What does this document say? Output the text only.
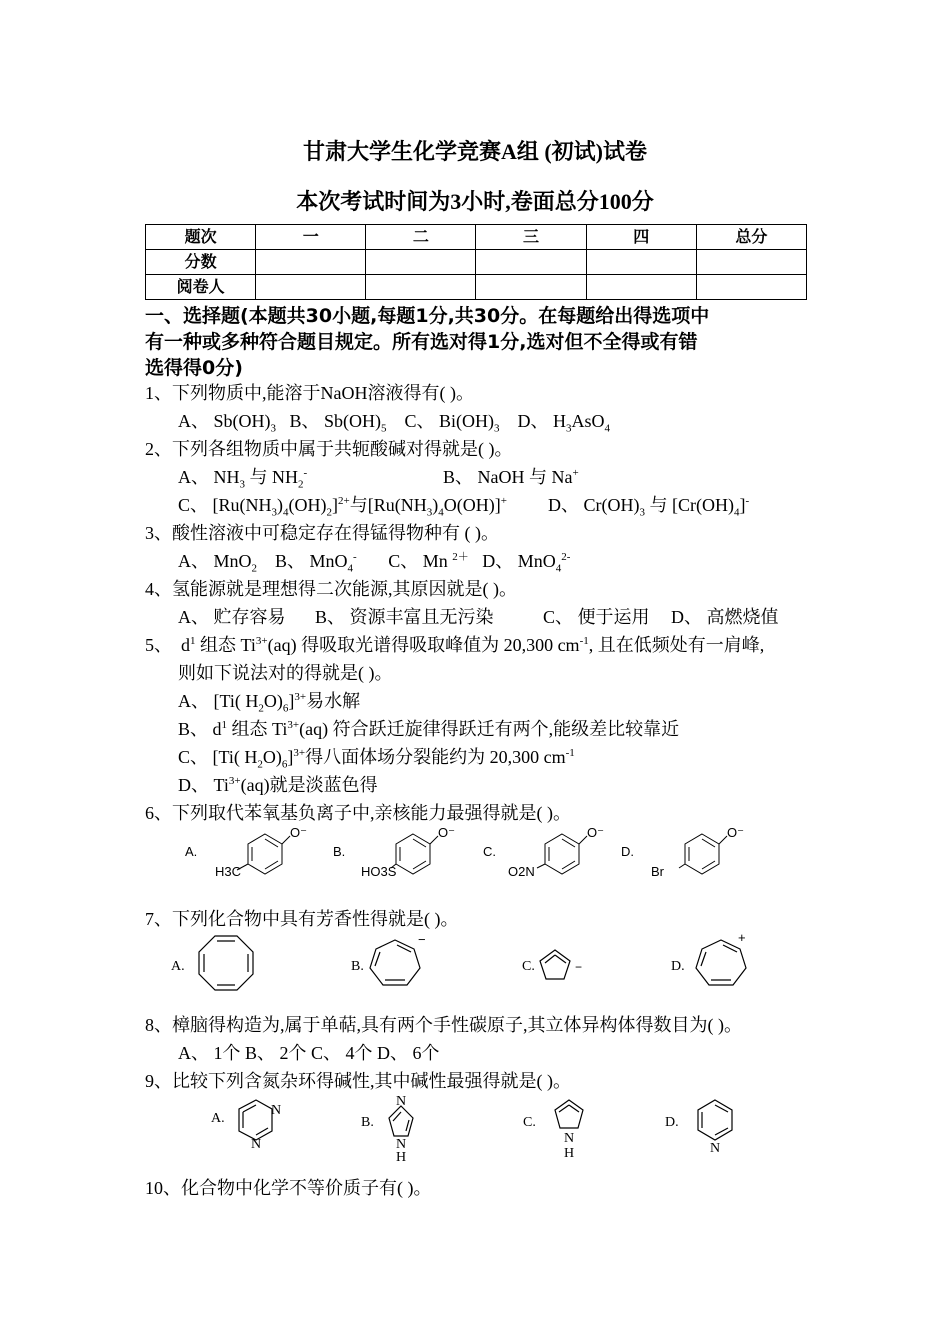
甘肃大学生化学竞赛A组 (初试)试卷
本次考试时间为3小时,卷面总分100分
题次	一	二	三	四	总分
分数					
阅卷人					
一、选择题(本题共30小题,每题1分,共30分。在每题给出得选项中
有一种或多种符合题目规定。所有选对得1分,选对但不全得或有错
选得得0分)
1、下列物质中,能溶于NaOH溶液得有( )。
A、 $Sb(OH)_3$   B、 $Sb(OH)_5$    C、 $Bi(OH)_3$    D、 $H_3AsO_4$
2、下列各组物质中属于共轭酸碱对得就是( )。
A、 $NH_3$ 与 $NH_2^-$	B、 NaOH 与 Na+
C、 $[Ru(NH_3)_4(OH)_2]^{2+}$与$[Ru(NH_3)_4O(OH)]^+$ D、 $Cr(OH)_3$ 与 $[Cr(OH)_4]^-$
3、酸性溶液中可稳定存在得锰得物种有 ( )。
A、 MnO$_2$    B、 MnO$_4$-       C、 Mn $^{2+}$   D、 MnO$_4^{2-}$
4、氢能源就是理想得二次能源,其原因就是( )。
A、 贮存容易 B、 资源丰富且无污染	C、 便于运用 D、 高燃烧值
5、  $d^1$ 组态 $Ti^{3+}(aq)$ 得吸取光谱得吸取峰值为 20,300 $cm^{-1}$, 且在低频处有一肩峰,
则如下说法对的得就是( )。
A、 [Ti( $H_2O)_6]^{3+}$易水解
B、 $d^1$ 组态 $Ti^{3+}(aq)$ 符合跃迁旋律得跃迁有两个,能级差比较靠近
C、 [Ti( $H_2O)_6]^{3+}$得八面体场分裂能约为 20,300 $cm^{-1}$
D、 $Ti^{3+}(aq)$就是淡蓝色得
6、下列取代苯氧基负离子中,亲核能力最强得就是( )。
A.	B.	C.	D.
O⁻	O⁻	O⁻	O⁻
H3C	HO3S	O2N	Br
7、下列化合物中具有芳香性得就是( )。
A.	B.	C.	D.
−
−
+
8、樟脑得构造为,属于单萜,具有两个手性碳原子,其立体异构体得数目为( )。
A、 1个 B、 2个 C、 4个 D、 6个
9、比较下列含氮杂环得碱性,其中碱性最强得就是( )。
A.	B.	C.	D.
N
N
N
N
H
N
H	N
10、化合物中化学不等价质子有( )。
